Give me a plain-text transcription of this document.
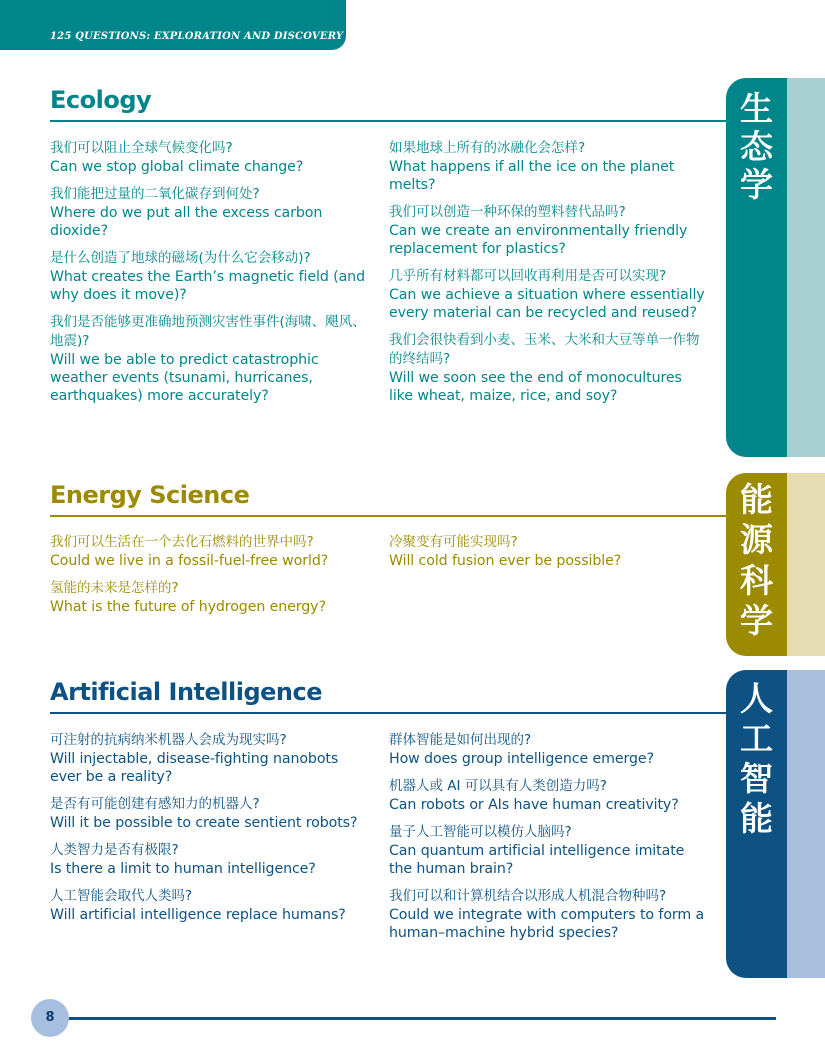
125 QUESTIONS: EXPLORATION AND DISCOVERY
Ecology
我们可以阻止全球气候变化吗?
Can we stop global climate change?
我们能把过量的二氧化碳存到何处?
Where do we put all the excess carbon dioxide?
是什么创造了地球的磁场(为什么它会移动)?
What creates the Earth’s magnetic field (and why does it move)?
我们是否能够更准确地预测灾害性事件(海啸、飓风、地震)?
Will we be able to predict catastrophic weather events (tsunami, hurricanes, earthquakes) more accurately?
如果地球上所有的冰融化会怎样?
What happens if all the ice on the planet melts?
我们可以创造一种环保的塑料替代品吗?
Can we create an environmentally friendly replacement for plastics?
几乎所有材料都可以回收再利用是否可以实现?
Can we achieve a situation where essentially every material can be recycled and reused?
我们会很快看到小麦、玉米、大米和大豆等单一作物的终结吗?
Will we soon see the end of monocultures like wheat, maize, rice, and soy?
生
态
学
Energy Science
我们可以生活在一个去化石燃料的世界中吗?
Could we live in a fossil-fuel-free world?
氢能的未来是怎样的?
What is the future of hydrogen energy?
冷聚变有可能实现吗?
Will cold fusion ever be possible?
能
源
科
学
Artificial Intelligence
可注射的抗病纳米机器人会成为现实吗?
Will injectable, disease-fighting nanobots ever be a reality?
是否有可能创建有感知力的机器人?
Will it be possible to create sentient robots?
人类智力是否有极限?
Is there a limit to human intelligence?
人工智能会取代人类吗?
Will artificial intelligence replace humans?
群体智能是如何出现的?
How does group intelligence emerge?
机器人或 AI 可以具有人类创造力吗?
Can robots or AIs have human creativity?
量子人工智能可以模仿人脑吗?
Can quantum artificial intelligence imitate the human brain?
我们可以和计算机结合以形成人机混合物种吗?
Could we integrate with computers to form a human–machine hybrid species?
人
工
智
能
8
